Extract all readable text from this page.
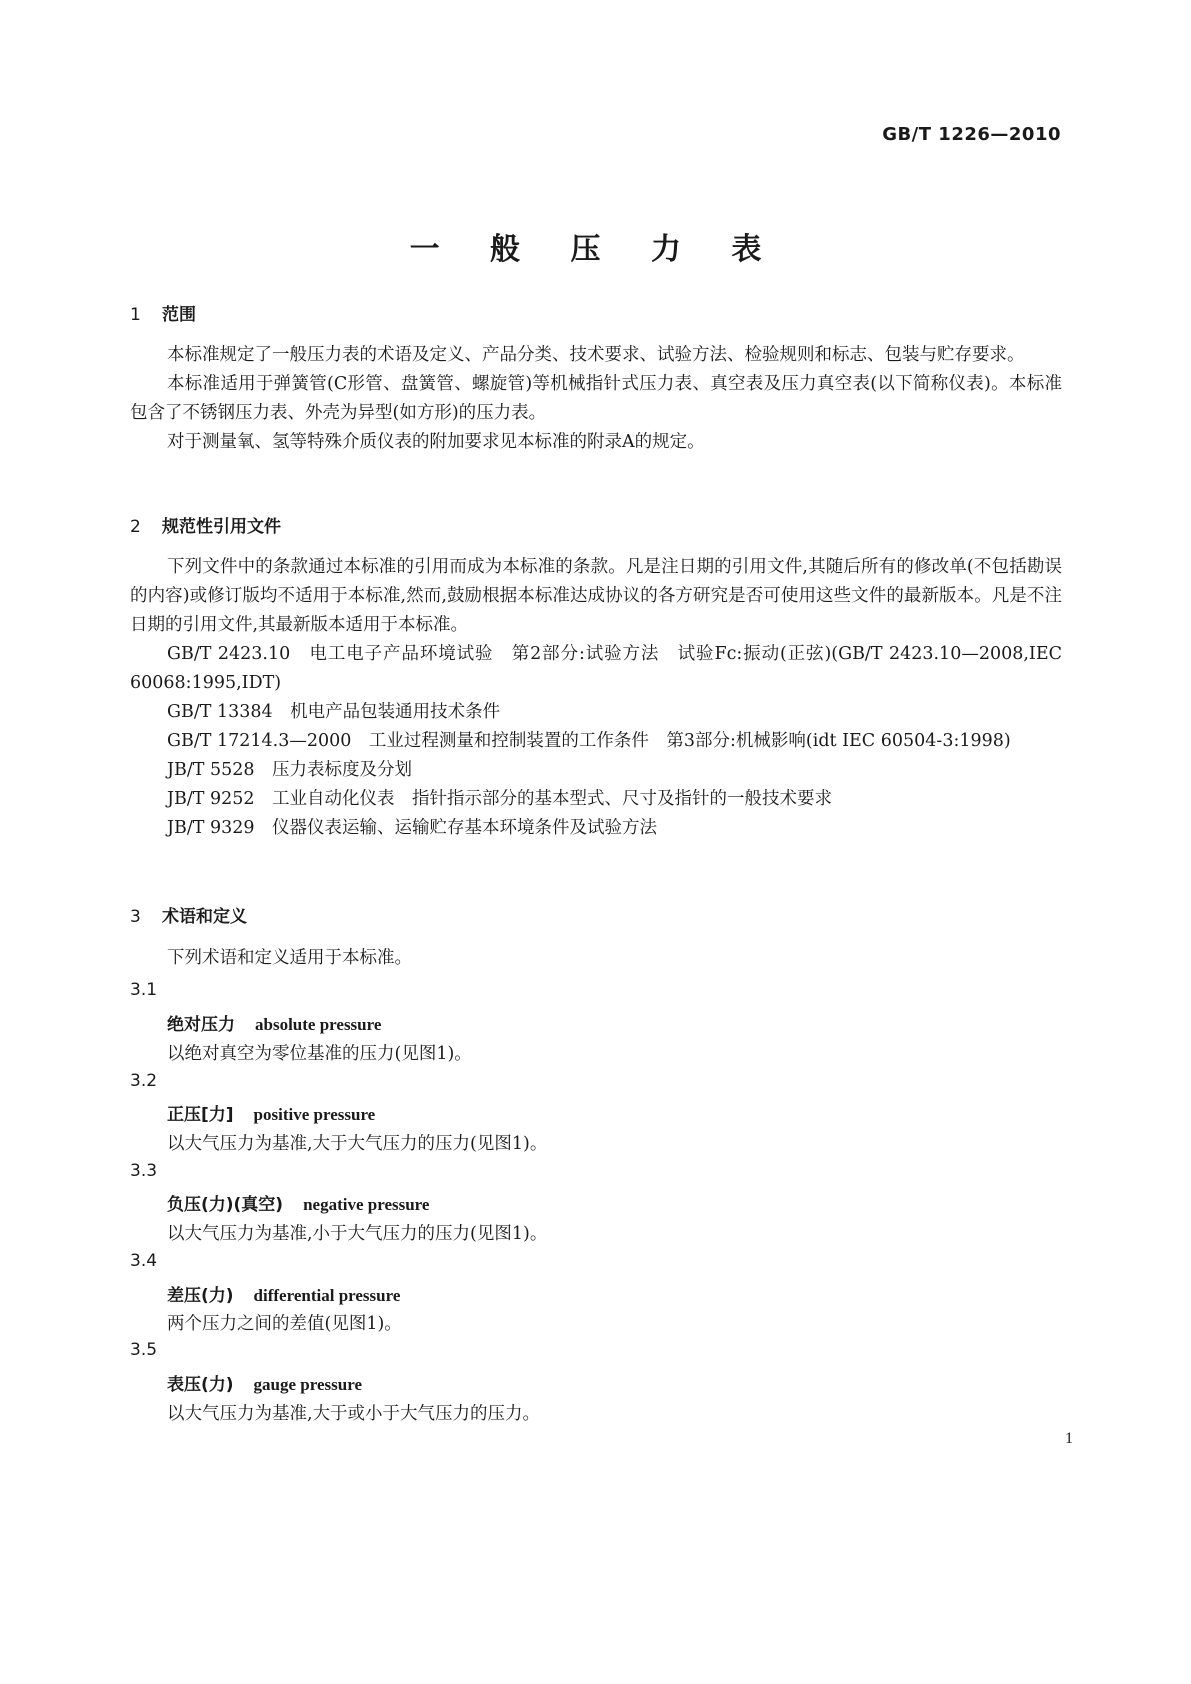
GB/T 1226—2010
一 般 压 力 表

1 范围

本标准规定了一般压力表的术语及定义、产品分类、技术要求、试验方法、检验规则和标志、包装与贮存要求。

本标准适用于弹簧管(C形管、盘簧管、螺旋管)等机械指针式压力表、真空表及压力真空表(以下简称仪表)。本标准包含了不锈钢压力表、外壳为异型(如方形)的压力表。

对于测量氧、氢等特殊介质仪表的附加要求见本标准的附录A的规定。

2 规范性引用文件

下列文件中的条款通过本标准的引用而成为本标准的条款。凡是注日期的引用文件,其随后所有的修改单(不包括勘误的内容)或修订版均不适用于本标准,然而,鼓励根据本标准达成协议的各方研究是否可使用这些文件的最新版本。凡是不注日期的引用文件,其最新版本适用于本标准。

GB/T 2423.10　电工电子产品环境试验　第2部分:试验方法　试验Fc:振动(正弦)(GB/T 2423.10—2008,IEC 60068:1995,IDT)

GB/T 13384　机电产品包装通用技术条件

GB/T 17214.3—2000　工业过程测量和控制装置的工作条件　第3部分:机械影响(idt IEC 60504-3:1998)

JB/T 5528　压力表标度及分划

JB/T 9252　工业自动化仪表　指针指示部分的基本型式、尺寸及指针的一般技术要求

JB/T 9329　仪器仪表运输、运输贮存基本环境条件及试验方法

3 术语和定义

下列术语和定义适用于本标准。

3.1

绝对压力 absolute pressure

以绝对真空为零位基准的压力(见图1)。

3.2

正压[力] positive pressure

以大气压力为基准,大于大气压力的压力(见图1)。

3.3

负压(力)(真空) negative pressure

以大气压力为基准,小于大气压力的压力(见图1)。

3.4

差压(力) differential pressure

两个压力之间的差值(见图1)。

3.5

表压(力) gauge pressure

以大气压力为基准,大于或小于大气压力的压力。

1
